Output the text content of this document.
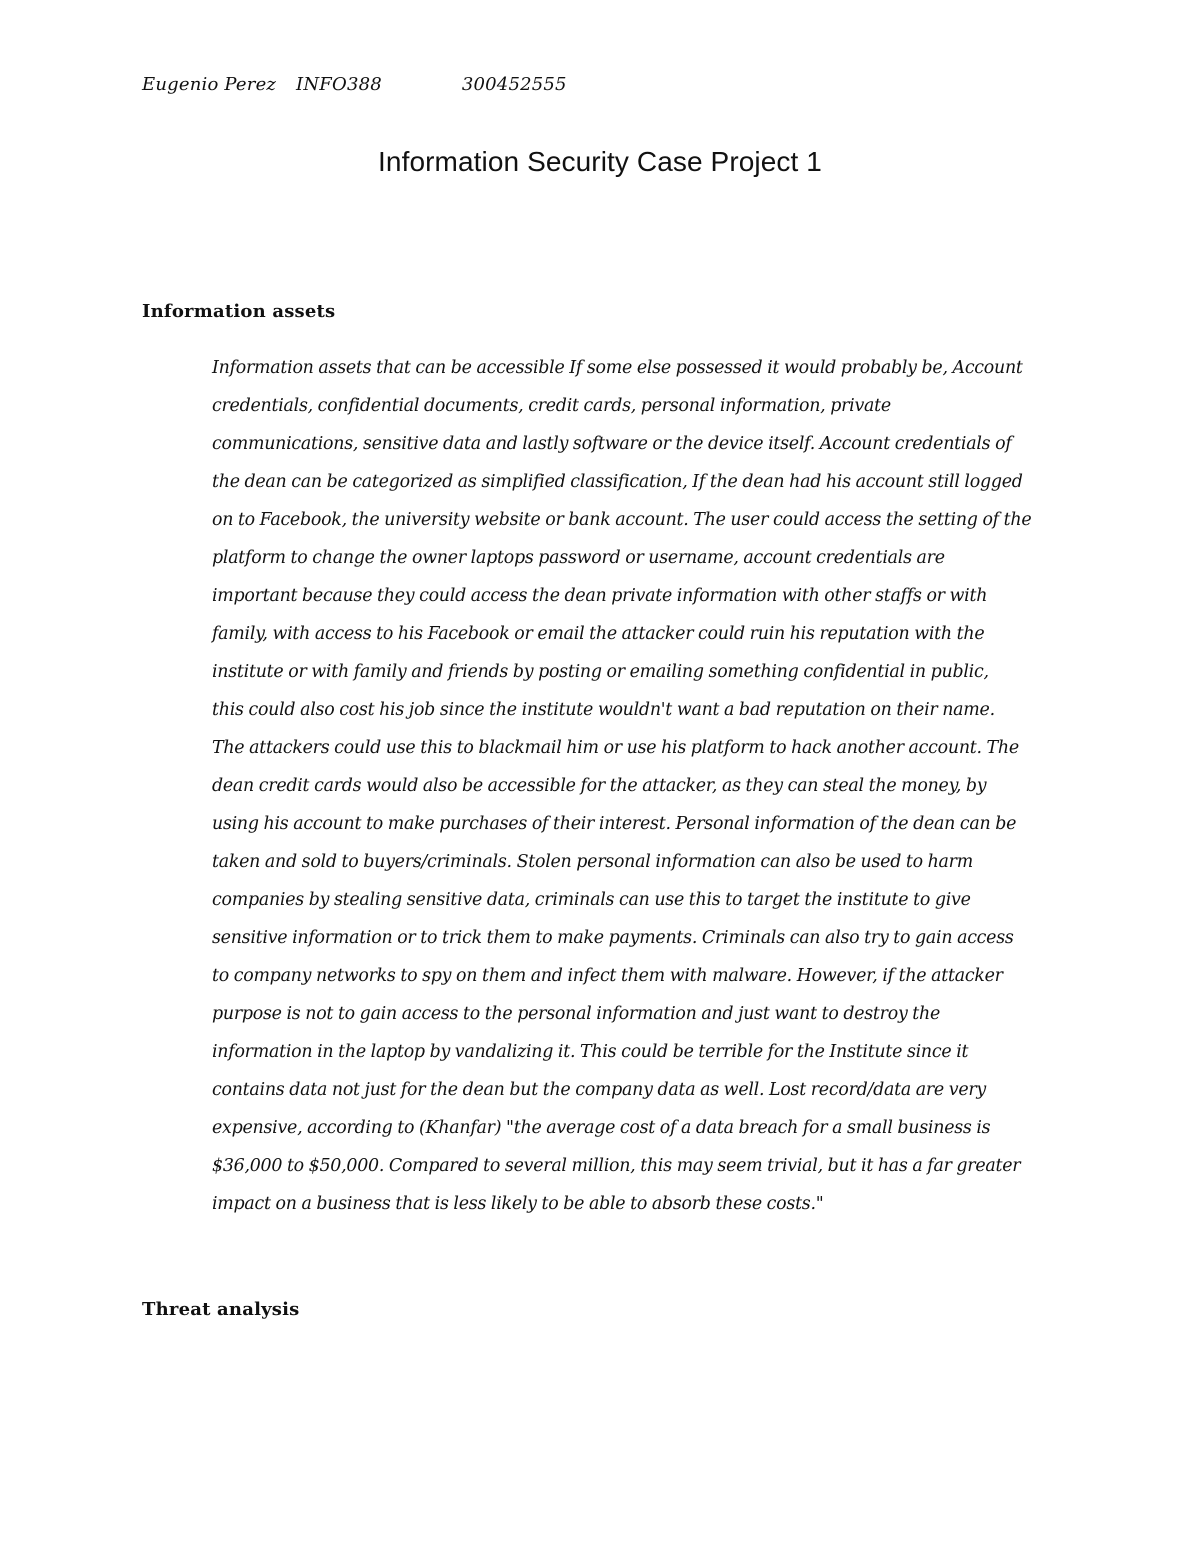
Eugenio Perez INFO388	300452555
Information Security Case Project 1
Information assets

Information assets that can be accessible If some else possessed it would probably be, Account
credentials, confidential documents, credit cards, personal information, private
communications, sensitive data and lastly software or the device itself. Account credentials of
the dean can be categorized as simplified classification, If the dean had his account still logged
on to Facebook, the university website or bank account. The user could access the setting of the
platform to change the owner laptops password or username, account credentials are
important because they could access the dean private information with other staffs or with
family, with access to his Facebook or email the attacker could ruin his reputation with the
institute or with family and friends by posting or emailing something confidential in public,
this could also cost his job since the institute wouldn't want a bad reputation on their name.
The attackers could use this to blackmail him or use his platform to hack another account. The
dean credit cards would also be accessible for the attacker, as they can steal the money, by
using his account to make purchases of their interest. Personal information of the dean can be
taken and sold to buyers/criminals. Stolen personal information can also be used to harm
companies by stealing sensitive data, criminals can use this to target the institute to give
sensitive information or to trick them to make payments. Criminals can also try to gain access
to company networks to spy on them and infect them with malware. However, if the attacker
purpose is not to gain access to the personal information and just want to destroy the
information in the laptop by vandalizing it. This could be terrible for the Institute since it
contains data not just for the dean but the company data as well. Lost record/data are very
expensive, according to (Khanfar) "the average cost of a data breach for a small business is
$36,000 to $50,000. Compared to several million, this may seem trivial, but it has a far greater
impact on a business that is less likely to be able to absorb these costs."

Threat analysis
